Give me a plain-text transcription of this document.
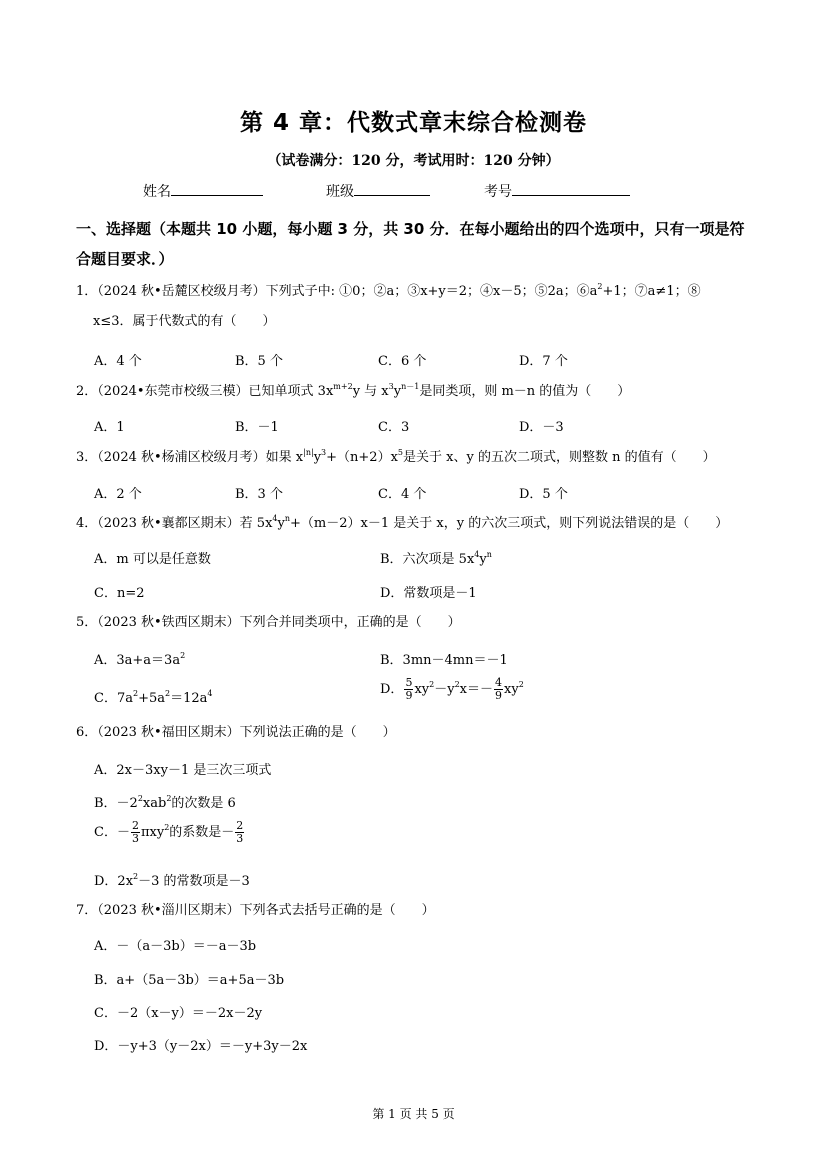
第 4 章：代数式章末综合检测卷
（试卷满分：120 分，考试用时：120 分钟）
姓名	班级	考号
一、选择题（本题共 10 小题，每小题 3 分，共 30 分．在每小题给出的四个选项中，只有一项是符合题目要求．）
1．（2024 秋•岳麓区校级月考）下列式子中: ①0；②a；③x+y＝2；④x－5；⑤2a；$⑥a^2+1$；⑦a≠1；⑧
x≤3．属于代数式的有（　　）
A．4 个	B．5 个	C．6 个	D．7 个
2．（2024•东莞市校级三模）已知单项式 $3x^{m+2}y$ 与 $x^3y^{n-1}$是同类项，则 m－n 的值为（　　）
A．1	B．－1	C．3	D．－3
3．（2024 秋•杨浦区校级月考）如果 $x^{|n|}y^3+(n+2)x^5$是关于 x、y 的五次二项式，则整数 n 的值有（　　）
A．2 个	B．3 个	C．4 个	D．5 个
4．（2023 秋•襄都区期末）若 $5x^4y^n+(m-2)x-1$ 是关于 x，y 的六次三项式，则下列说法错误的是（　　）
A．m 可以是任意数	B．六次项是 $5x^4y^n$
C．n=2	D．常数项是－1
5．（2023 秋•铁西区期末）下列合并同类项中，正确的是（　　）
A．$3a+a=3a^2$	B．3mn－4mn＝－1
C．$7a^2+5a^2=12a^4$	D． $\frac{5}{9} xy^2-y^2x=- \frac{4}{9} xy^2$
6．（2023 秋•福田区期末）下列说法正确的是（　　）
A．2x－3xy－1 是三次三项式
B．$-2^2xab^2$的次数是 6
C．－ $\frac{2}{3} \pi xy^2$的系数是－ $\frac{2}{3}$
D．$2x^2-3$ 的常数项是－3
7．（2023 秋•淄川区期末）下列各式去括号正确的是（　　）
A．－（a－3b）＝－a－3b
B．a+（5a－3b）＝a+5a－3b
C．－2（x－y）＝－2x－2y
D．－y+3（y－2x）＝－y+3y－2x
第 1 页 共 5 页
